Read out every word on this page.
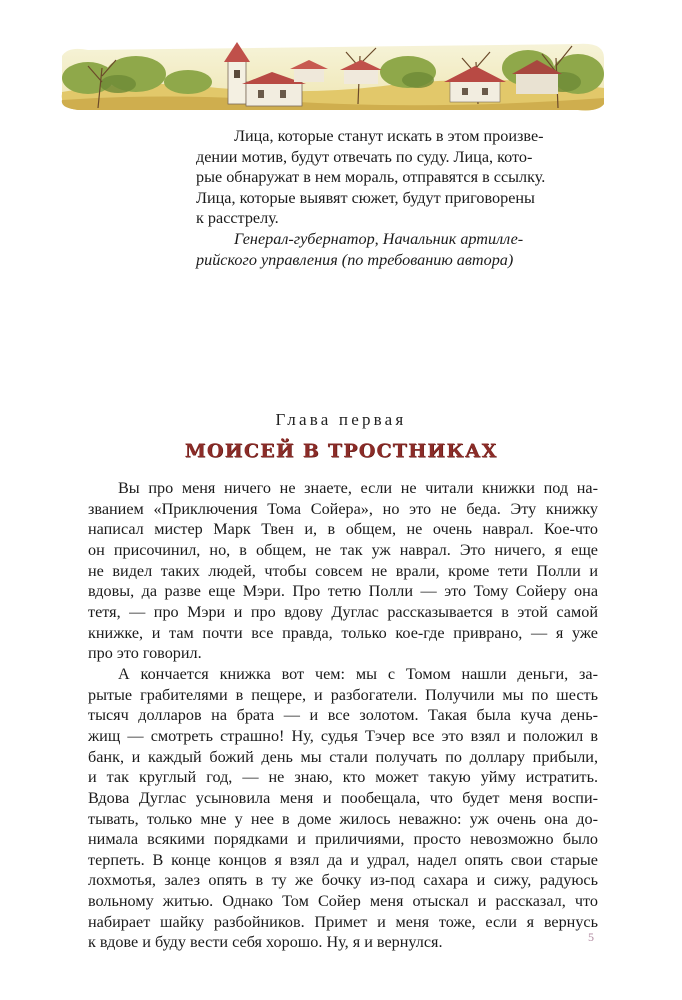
Лица, которые станут искать в этом произве-
дении мотив, будут отвечать по суду. Лица, кото-
рые обнаружат в нем мораль, отправятся в ссылку.
Лица, которые выявят сюжет, будут приговорены
к расстрелу.

Генерал-губернатор, Начальник артилле-
рийского управления (по требованию автора)

Глава первая
МОИСЕЙ В ТРОСТНИКАХ
Вы про меня ничего не знаете, если не читали книжки под на-
званием «Приключения Тома Сойера», но это не беда. Эту книжку
написал мистер Марк Твен и, в общем, не очень наврал. Кое-что
он присочинил, но, в общем, не так уж наврал. Это ничего, я еще
не видел таких людей, чтобы совсем не врали, кроме тети Полли и
вдовы, да разве еще Мэри. Про тетю Полли — это Тому Сойеру она
тетя, — про Мэри и про вдову Дуглас рассказывается в этой самой
книжке, и там почти все правда, только кое-где приврано, — я уже
про это говорил.
А кончается книжка вот чем: мы с Томом нашли деньги, за-
рытые грабителями в пещере, и разбогатели. Получили мы по шесть
тысяч долларов на брата — и все золотом. Такая была куча день-
жищ — смотреть страшно! Ну, судья Тэчер все это взял и положил в
банк, и каждый божий день мы стали получать по доллару прибыли,
и так круглый год, — не знаю, кто может такую уйму истратить.
Вдова Дуглас усыновила меня и пообещала, что будет меня воспи-
тывать, только мне у нее в доме жилось неважно: уж очень она до-
нимала всякими порядками и приличиями, просто невозможно было
терпеть. В конце концов я взял да и удрал, надел опять свои старые
лохмотья, залез опять в ту же бочку из-под сахара и сижу, радуюсь
вольному житью. Однако Том Сойер меня отыскал и рассказал, что
набирает шайку разбойников. Примет и меня тоже, если я вернусь
к вдове и буду вести себя хорошо. Ну, я и вернулся.	5
